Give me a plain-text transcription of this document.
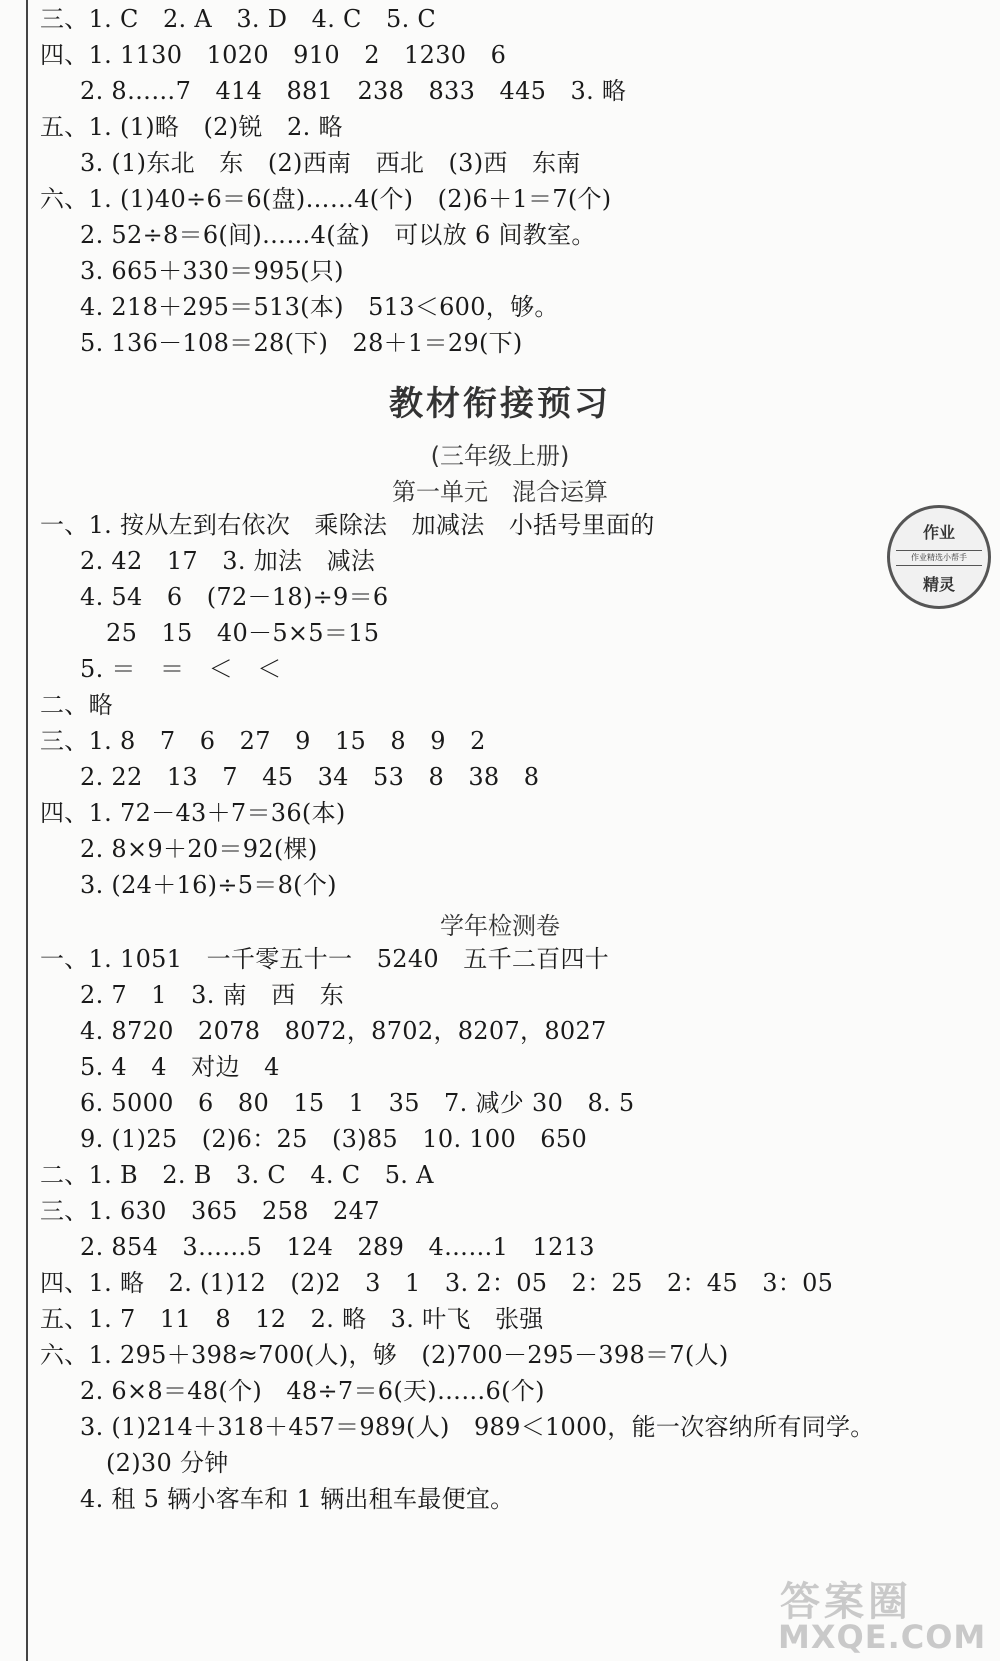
三、1. C　2. A　3. D　4. C　5. C
四、1. 1130　1020　910　2　1230　6
2. 8……7　414　881　238　833　445　3. 略
五、1. (1)略　(2)锐　2. 略
3. (1)东北　东　(2)西南　西北　(3)西　东南
六、1. (1)40÷6＝6(盘)……4(个)　(2)6＋1＝7(个)
2. 52÷8＝6(间)……4(盆)　可以放 6 间教室。
3. 665＋330＝995(只)
4. 218＋295＝513(本)　513＜600，够。
5. 136－108＝28(下)　28＋1＝29(下)
教材衔接预习
(三年级上册)
第一单元　混合运算
作业
作业精选小帮手
精灵
一、1. 按从左到右依次　乘除法　加减法　小括号里面的
2. 42　17　3. 加法　减法
4. 54　6　(72－18)÷9＝6
25　15　40－5×5＝15
5. ＝　＝　＜　＜
二、略
三、1. 8　7　6　27　9　15　8　9　2
2. 22　13　7　45　34　53　8　38　8
四、1. 72－43＋7＝36(本)
2. 8×9＋20＝92(棵)
3. (24＋16)÷5＝8(个)
学年检测卷
一、1. 1051　一千零五十一　5240　五千二百四十
2. 7　1　3. 南　西　东
4. 8720　2078　8072，8702，8207，8027
5. 4　4　对边　4
6. 5000　6　80　15　1　35　7. 减少 30　8. 5
9. (1)25　(2)6：25　(3)85　10. 100　650
二、1. B　2. B　3. C　4. C　5. A
三、1. 630　365　258　247
2. 854　3……5　124　289　4……1　1213
四、1. 略　2. (1)12　(2)2　3　1　3. 2：05　2：25　2：45　3：05
五、1. 7　11　8　12　2. 略　3. 叶飞　张强
六、1. 295＋398≈700(人)，够　(2)700－295－398＝7(人)
2. 6×8＝48(个)　48÷7＝6(天)……6(个)
3. (1)214＋318＋457＝989(人)　989＜1000，能一次容纳所有同学。
(2)30 分钟
4. 租 5 辆小客车和 1 辆出租车最便宜。
答案圈
MXQE.COM
